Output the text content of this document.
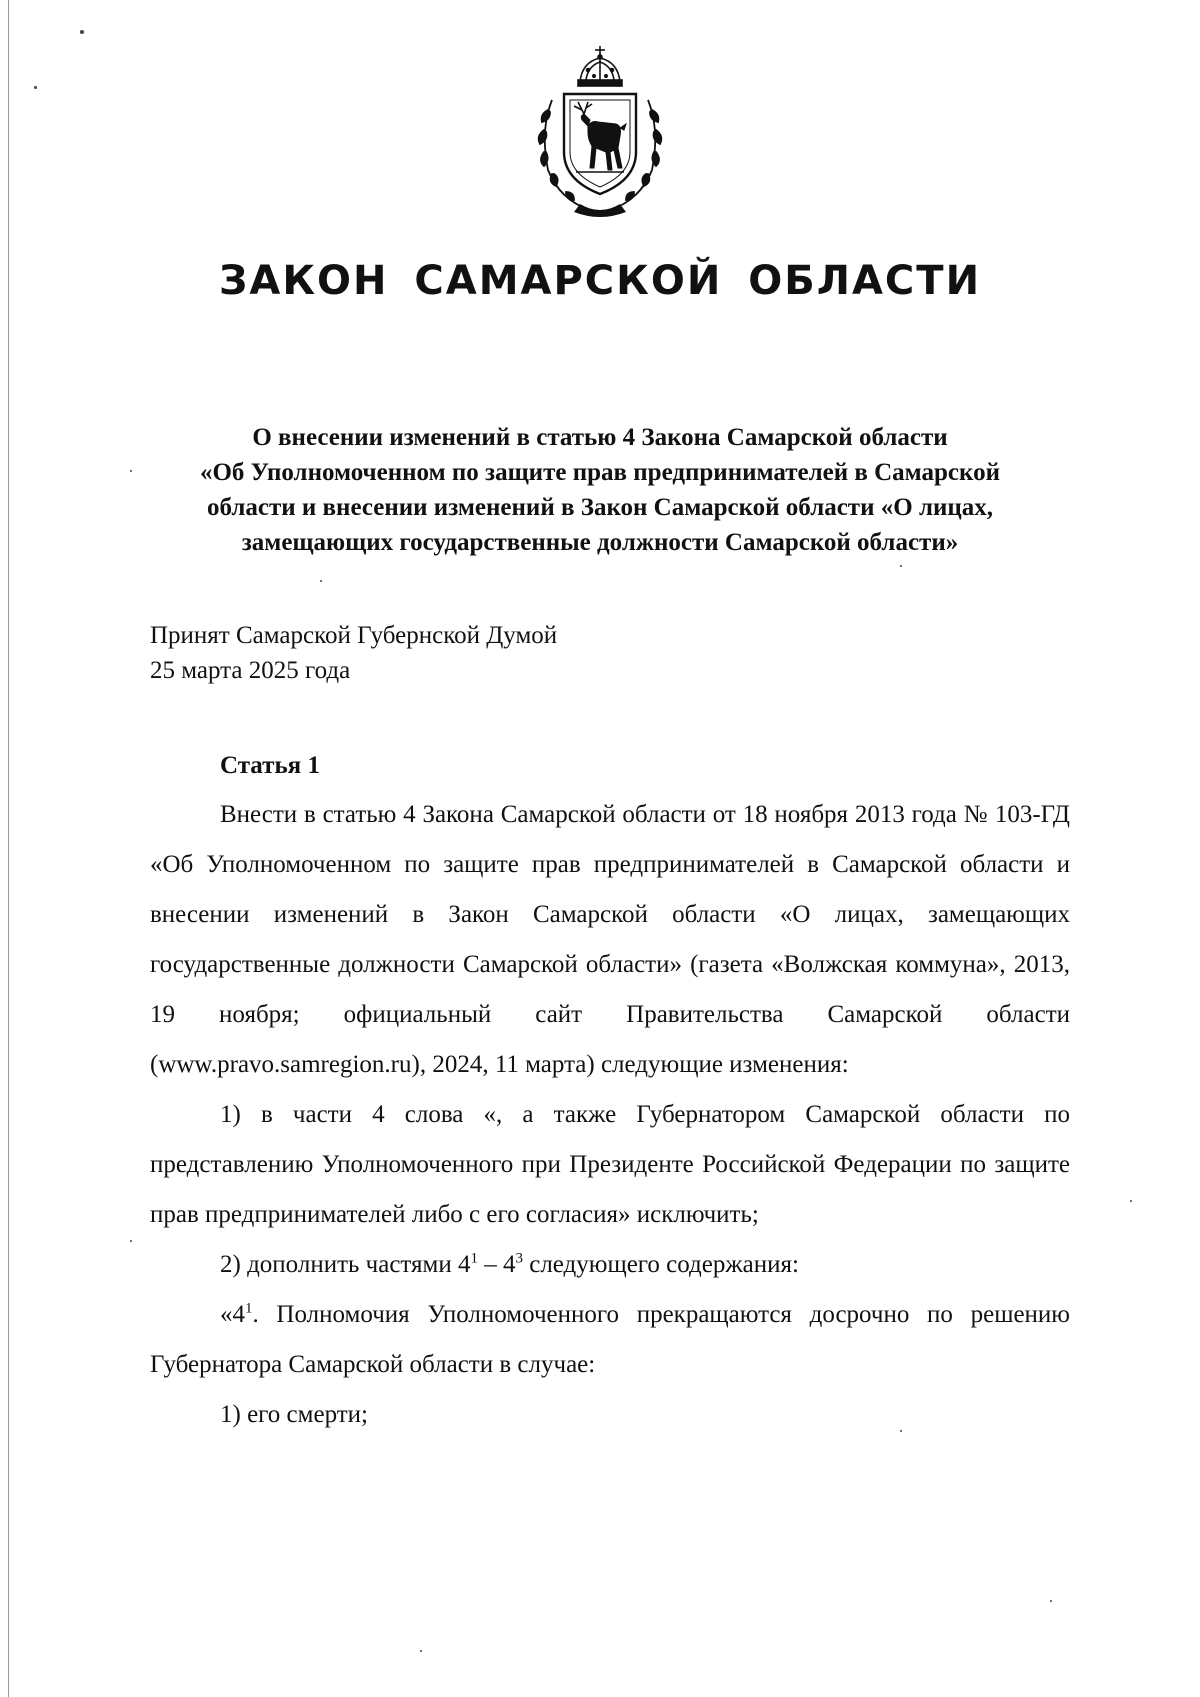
ЗАКОН САМАРСКОЙ ОБЛАСТИ
О внесении изменений в статью 4 Закона Самарской области
«Об Уполномоченном по защите прав предпринимателей в Самарской
области и внесении изменений в Закон Самарской области «О лицах,
замещающих государственные должности Самарской области»
Принят Самарской Губернской Думой
25 марта 2025 года
Статья 1

Внести в статью 4 Закона Самарской области от 18 ноября 2013 года № 103-ГД «Об Уполномоченном по защите прав предпринимателей в Самарской области и внесении изменений в Закон Самарской области «О лицах, замещающих государственные должности Самарской области» (газета «Волжская коммуна», 2013, 19 ноября; официальный сайт Правительства Самарской области (www.pravo.samregion.ru), 2024, 11 марта) следующие изменения:

1) в части 4 слова «, а также Губернатором Самарской области по представлению Уполномоченного при Президенте Российской Федерации по защите прав предпринимателей либо с его согласия» исключить;

2) дополнить частями $4^1 - 4^3$ следующего содержания:

«$4^1$. Полномочия Уполномоченного прекращаются досрочно по решению Губернатора Самарской области в случае:

1) его смерти;
